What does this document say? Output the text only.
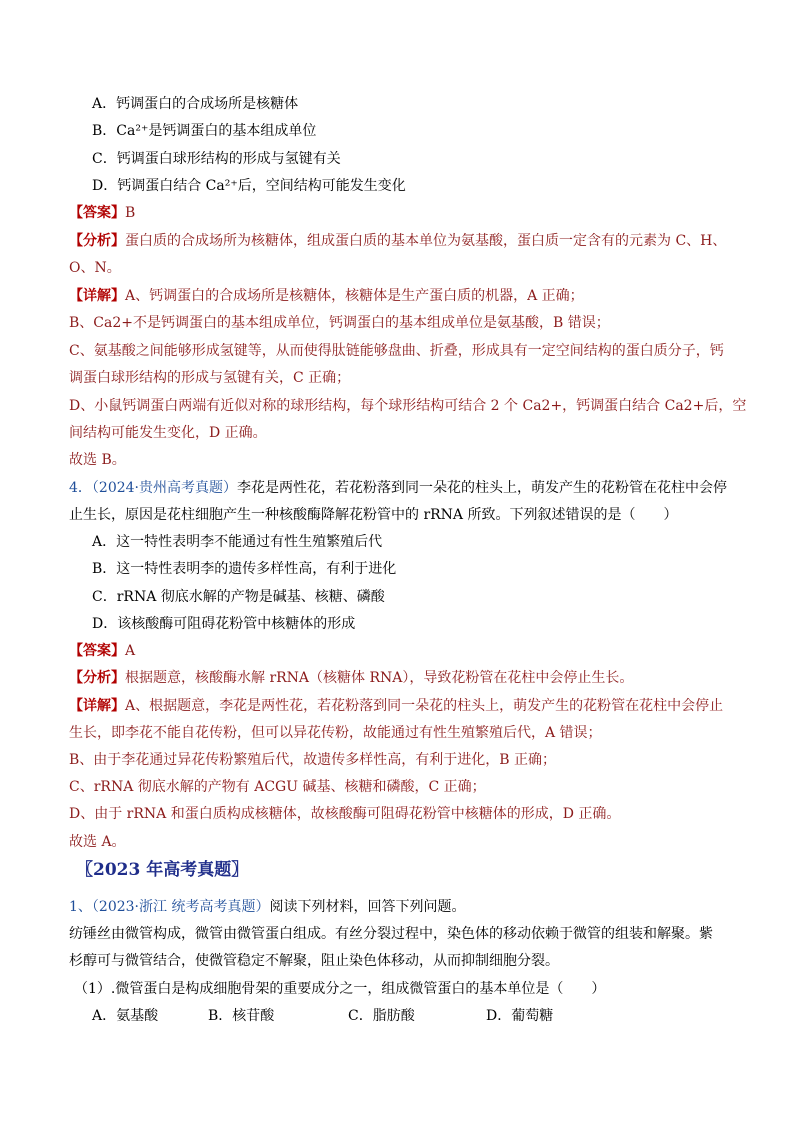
A．钙调蛋白的合成场所是核糖体
B．Ca²⁺是钙调蛋白的基本组成单位
C．钙调蛋白球形结构的形成与氢键有关
D．钙调蛋白结合 Ca²⁺后，空间结构可能发生变化
【答案】B
【分析】蛋白质的合成场所为核糖体，组成蛋白质的基本单位为氨基酸，蛋白质一定含有的元素为 C、H、
O、N。
【详解】A、钙调蛋白的合成场所是核糖体，核糖体是生产蛋白质的机器，A 正确；
B、Ca2+不是钙调蛋白的基本组成单位，钙调蛋白的基本组成单位是氨基酸，B 错误；
C、氨基酸之间能够形成氢键等，从而使得肽链能够盘曲、折叠，形成具有一定空间结构的蛋白质分子，钙
调蛋白球形结构的形成与氢键有关，C 正确；
D、小鼠钙调蛋白两端有近似对称的球形结构，每个球形结构可结合 2 个 Ca2+，钙调蛋白结合 Ca2+后，空
间结构可能发生变化，D 正确。
故选 B。
4．（2024·贵州高考真题）李花是两性花，若花粉落到同一朵花的柱头上，萌发产生的花粉管在花柱中会停
止生长，原因是花柱细胞产生一种核酸酶降解花粉管中的 rRNA 所致。下列叙述错误的是（　　）
A．这一特性表明李不能通过有性生殖繁殖后代
B．这一特性表明李的遗传多样性高，有利于进化
C．rRNA 彻底水解的产物是碱基、核糖、磷酸
D．该核酸酶可阻碍花粉管中核糖体的形成
【答案】A
【分析】根据题意，核酸酶水解 rRNA（核糖体 RNA），导致花粉管在花柱中会停止生长。
【详解】A、根据题意，李花是两性花，若花粉落到同一朵花的柱头上，萌发产生的花粉管在花柱中会停止
生长，即李花不能自花传粉，但可以异花传粉，故能通过有性生殖繁殖后代，A 错误；
B、由于李花通过异花传粉繁殖后代，故遗传多样性高，有利于进化，B 正确；
C、rRNA 彻底水解的产物有 ACGU 碱基、核糖和磷酸，C 正确；
D、由于 rRNA 和蛋白质构成核糖体，故核酸酶可阻碍花粉管中核糖体的形成，D 正确。
故选 A。
〖2023 年高考真题〗
1、（2023·浙江 统考高考真题）阅读下列材料，回答下列问题。
纺锤丝由微管构成，微管由微管蛋白组成。有丝分裂过程中，染色体的移动依赖于微管的组装和解聚。紫
杉醇可与微管结合，使微管稳定不解聚，阻止染色体移动，从而抑制细胞分裂。
（1）.微管蛋白是构成细胞骨架的重要成分之一，组成微管蛋白的基本单位是（　　）
A．氨基酸	B．核苷酸	C．脂肪酸	D．葡萄糖
